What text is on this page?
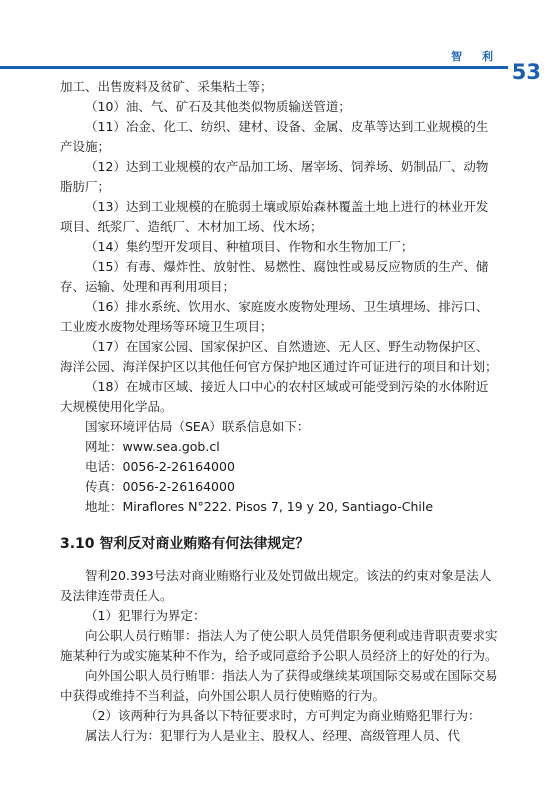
智 利
53

加工、出售废料及贫矿、采集粘土等；

（10）油、气、矿石及其他类似物质输送管道；

（11）冶金、化工、纺织、建材、设备、金属、皮革等达到工业规模的生产设施；

（12）达到工业规模的农产品加工场、屠宰场、饲养场、奶制品厂、动物脂肪厂；

（13）达到工业规模的在脆弱土壤或原始森林覆盖土地上进行的林业开发项目、纸浆厂、造纸厂、木材加工场、伐木场；

（14）集约型开发项目、种植项目、作物和水生物加工厂；

（15）有毒、爆炸性、放射性、易燃性、腐蚀性或易反应物质的生产、储存、运输、处理和再利用项目；

（16）排水系统、饮用水、家庭废水废物处理场、卫生填埋场、排污口、工业废水废物处理场等环境卫生项目；

（17）在国家公园、国家保护区、自然遗迹、无人区、野生动物保护区、海洋公园、海洋保护区以其他任何官方保护地区通过许可证进行的项目和计划；

（18）在城市区域、接近人口中心的农村区域或可能受到污染的水体附近大规模使用化学品。

国家环境评估局（SEA）联系信息如下：

网址：www.sea.gob.cl

电话：0056-2-26164000

传真：0056-2-26164000

地址：Miraflores N°222. Pisos 7, 19 y 20, Santiago-Chile

3.10 智利反对商业贿赂有何法律规定？

智利20.393号法对商业贿赂行业及处罚做出规定。该法的约束对象是法人及法律连带责任人。

（1）犯罪行为界定：

向公职人员行贿罪：指法人为了使公职人员凭借职务便利或违背职责要求实施某种行为或实施某种不作为，给予或同意给予公职人员经济上的好处的行为。

向外国公职人员行贿罪：指法人为了获得或继续某项国际交易或在国际交易中获得或维持不当利益，向外国公职人员行使贿赂的行为。

（2）该两种行为具备以下特征要求时，方可判定为商业贿赂犯罪行为：

属法人行为：犯罪行为人是业主、股权人、经理、高级管理人员、代
